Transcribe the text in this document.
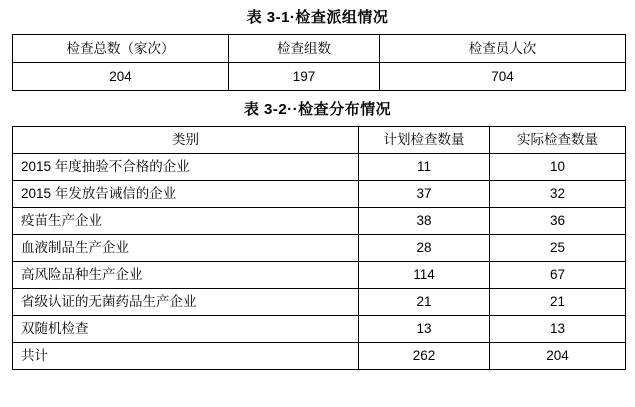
表 3-1·检查派组情况
检查总数（家次）	检查组数	检查员人次
204	197	704
表 3-2··检查分布情况
类别	计划检查数量	实际检查数量
2015 年度抽验不合格的企业	11	10
2015 年发放告诫信的企业	37	32
疫苗生产企业	38	36
血液制品生产企业	28	25
高风险品种生产企业	114	67
省级认证的无菌药品生产企业	21	21
双随机检查	13	13
共计	262	204
